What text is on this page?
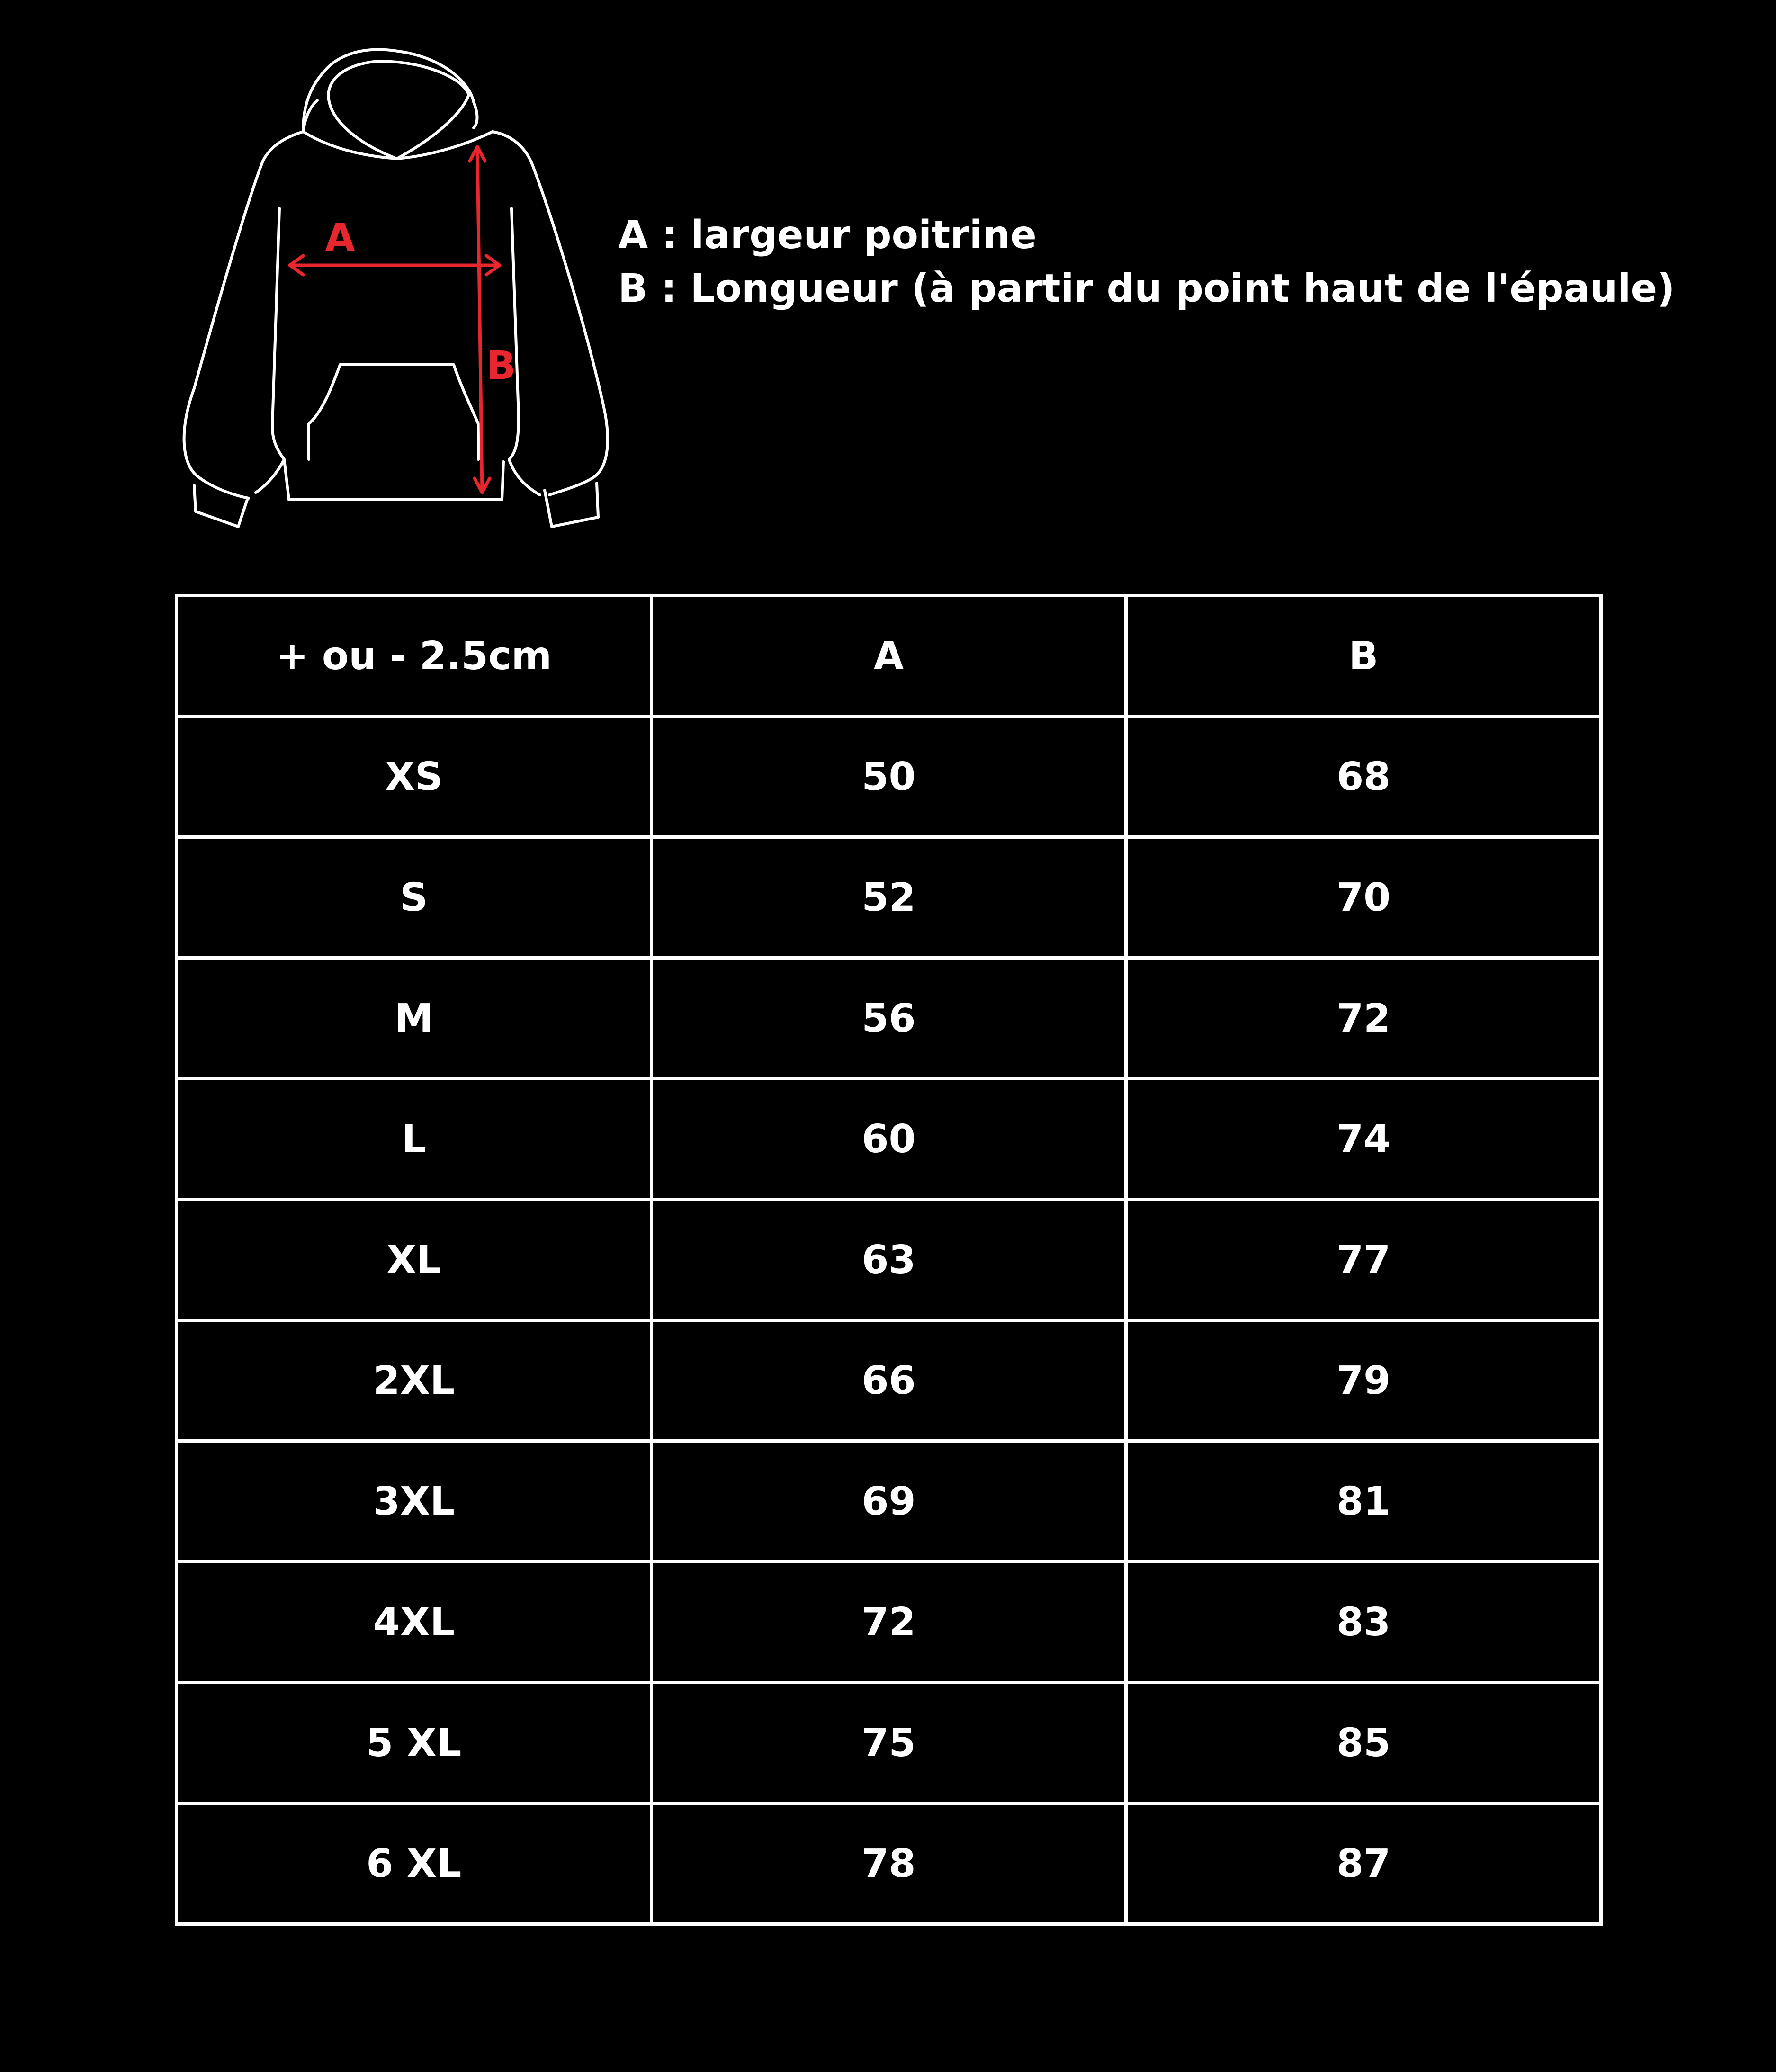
A
B
A : largeur poitrine
B : Longueur (à partir du point haut de l'épaule)
+ ou - 2.5cm	A	B
XS	50	68
S	52	70
M	56	72
L	60	74
XL	63	77
2XL	66	79
3XL	69	81
4XL	72	83
5 XL	75	85
6 XL	78	87
